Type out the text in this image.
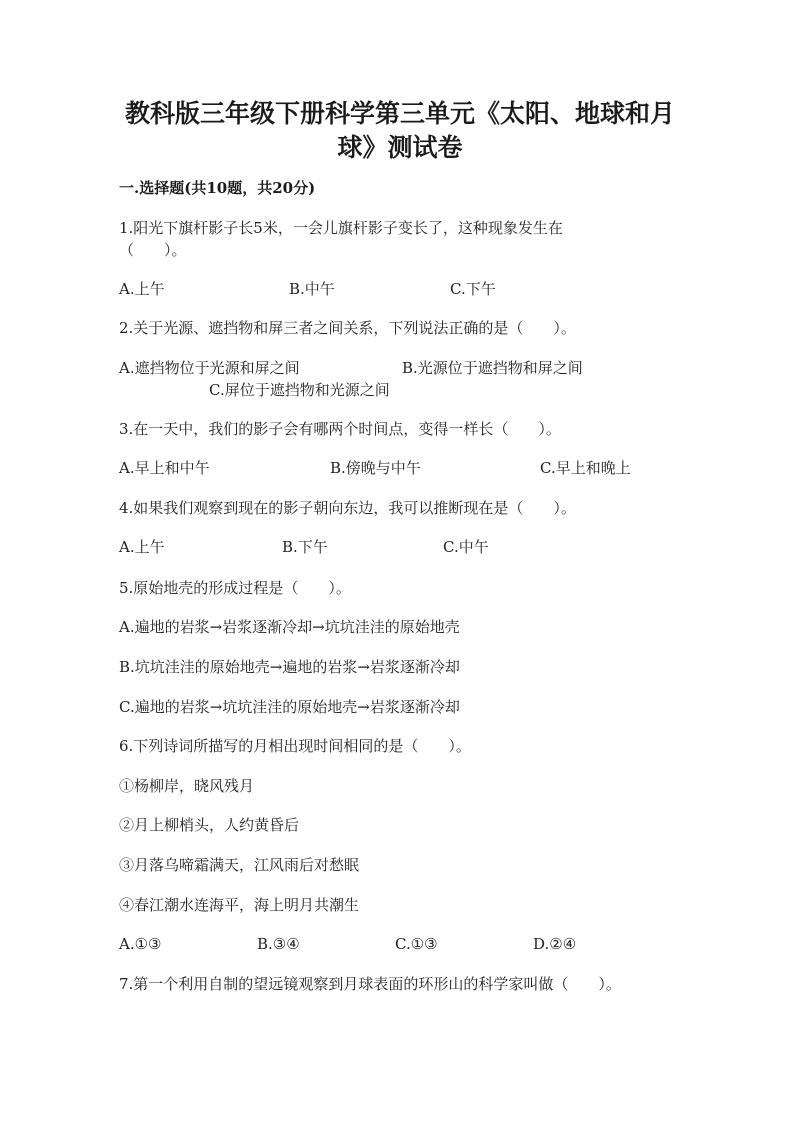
教科版三年级下册科学第三单元《太阳、地球和月
球》测试卷
一.选择题(共10题，共20分)
1.阳光下旗杆影子长5米，一会儿旗杆影子变长了，这种现象发生在
（　　）。
A.上午	B.中午	C.下午
2.关于光源、遮挡物和屏三者之间关系，下列说法正确的是（　　）。
A.遮挡物位于光源和屏之间	B.光源位于遮挡物和屏之间
C.屏位于遮挡物和光源之间
3.在一天中，我们的影子会有哪两个时间点，变得一样长（　　）。
A.早上和中午	B.傍晚与中午	C.早上和晚上
4.如果我们观察到现在的影子朝向东边，我可以推断现在是（　　）。
A.上午	B.下午	C.中午
5.原始地壳的形成过程是（　　）。
A.遍地的岩浆→岩浆逐渐冷却→坑坑洼洼的原始地壳
B.坑坑洼洼的原始地壳→遍地的岩浆→岩浆逐渐冷却
C.遍地的岩浆→坑坑洼洼的原始地壳→岩浆逐渐冷却
6.下列诗词所描写的月相出现时间相同的是（　　）。
①杨柳岸，晓风残月
②月上柳梢头，人约黄昏后
③月落乌啼霜满天，江风雨后对愁眠
④春江潮水连海平，海上明月共潮生
A.①③	B.③④	C.①③	D.②④
7.第一个利用自制的望远镜观察到月球表面的环形山的科学家叫做（　　）。
